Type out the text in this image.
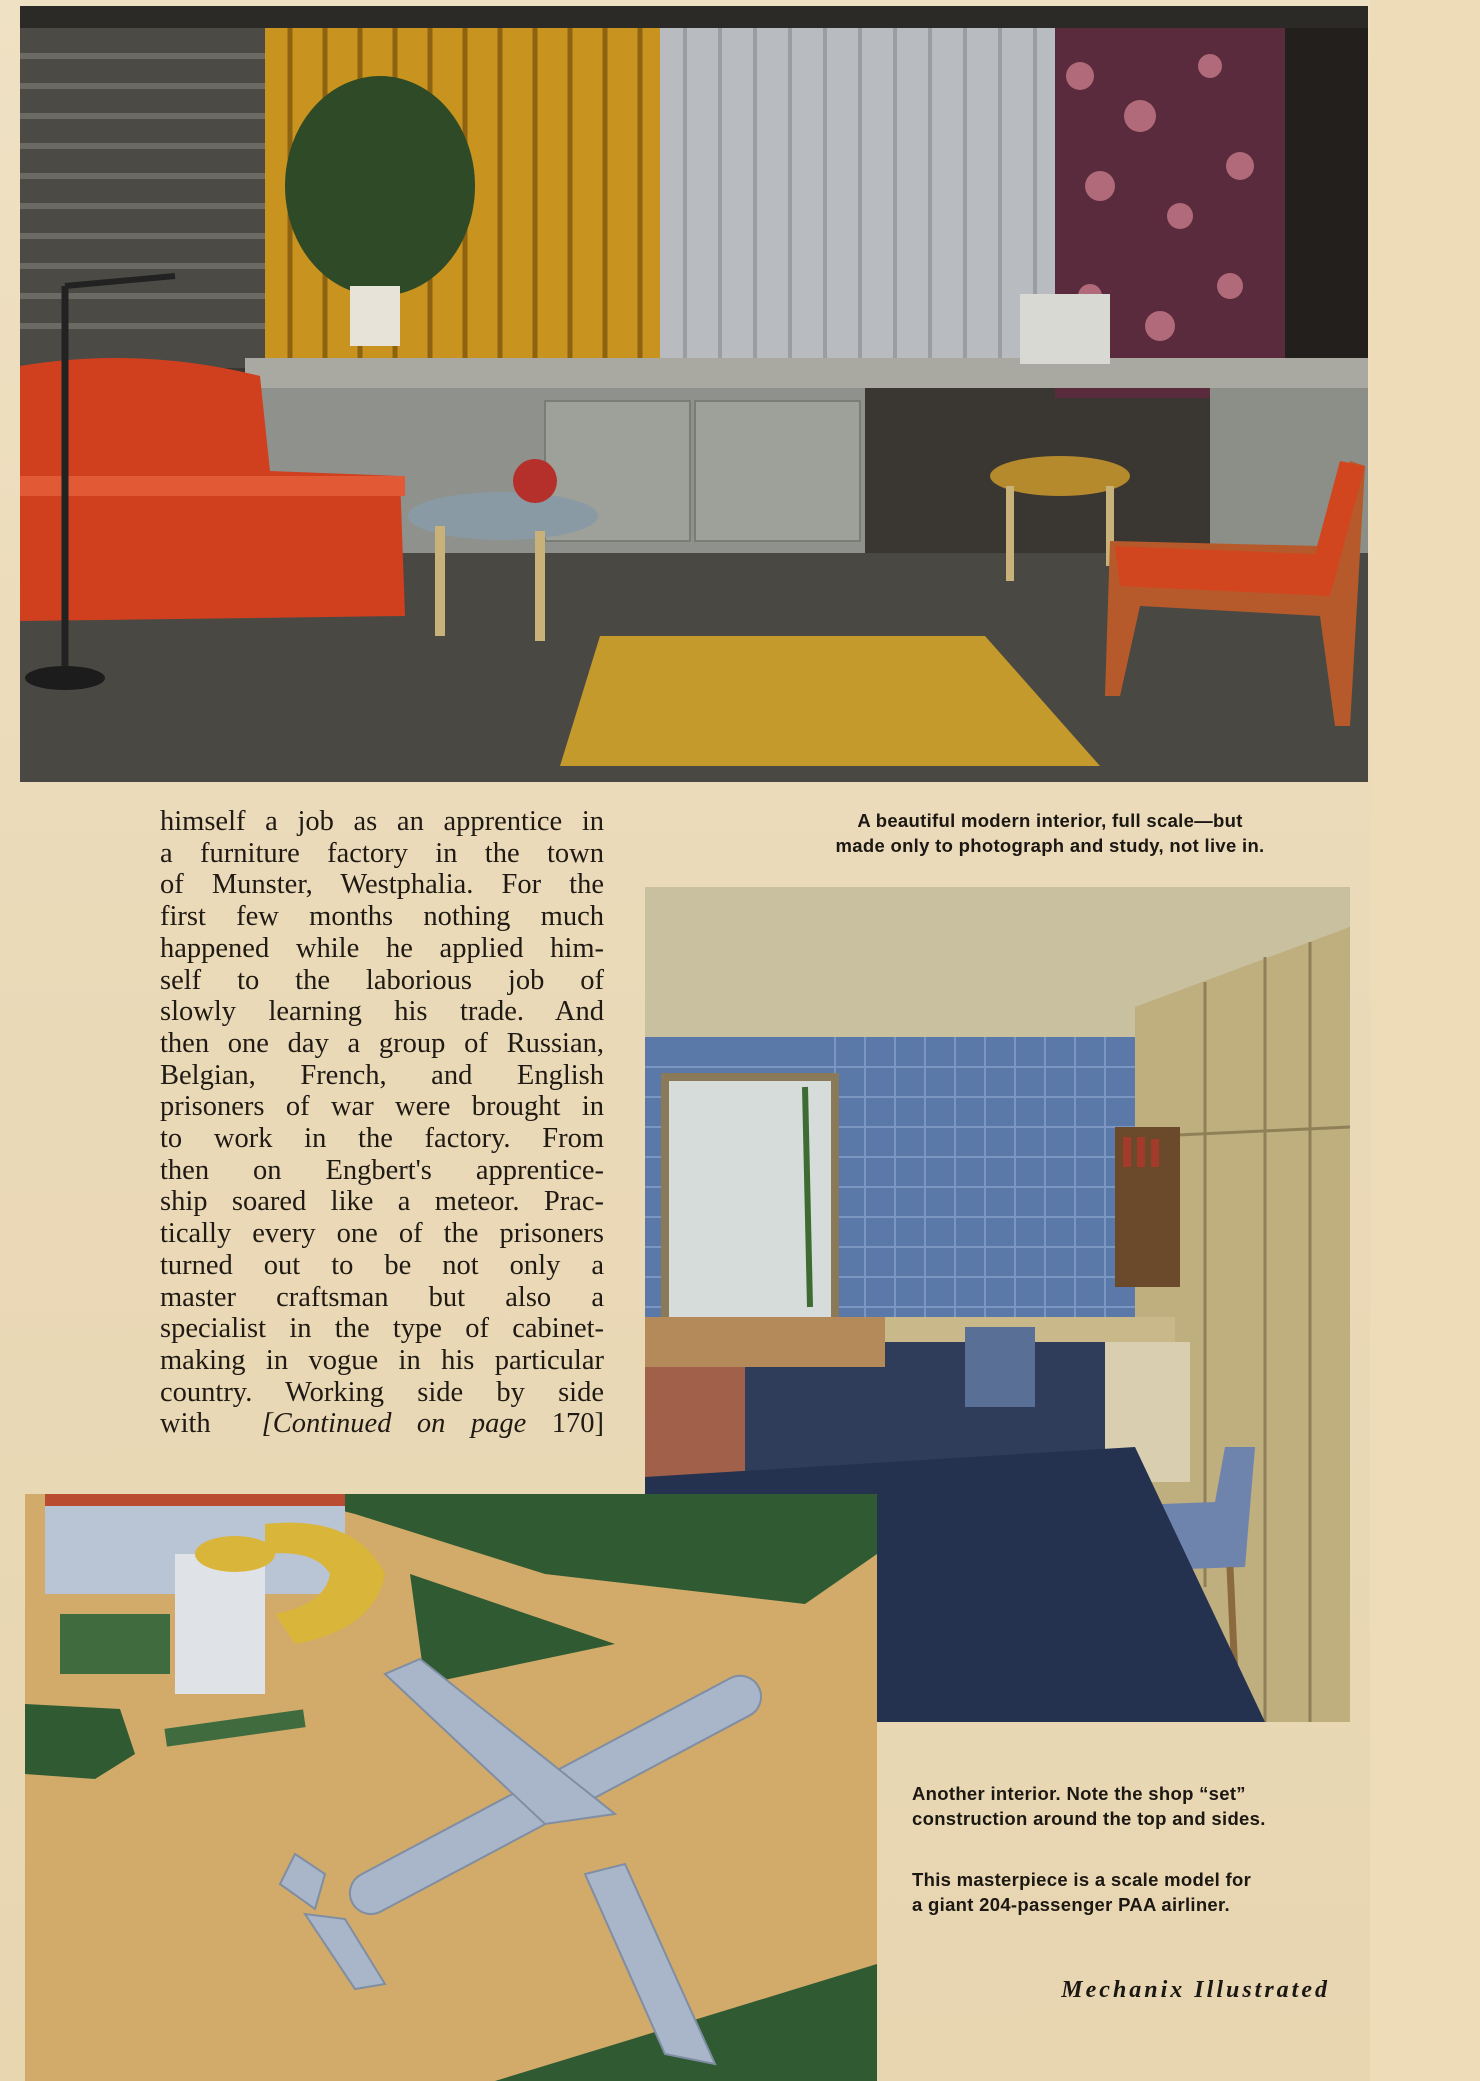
himself a job as an apprentice in
a furniture factory in the town
of Munster, Westphalia. For the
first few months nothing much
happened while he applied him-
self to the laborious job of
slowly learning his trade. And
then one day a group of Russian,
Belgian, French, and English
prisoners of war were brought in
to work in the factory. From
then on Engbert's apprentice-
ship soared like a meteor. Prac-
tically every one of the prisoners
turned out to be not only a
master craftsman but also a
specialist in the type of cabinet-
making in vogue in his particular
country. Working side by side
with [Continued on page 170]

A beautiful modern interior, full scale—but
made only to photograph and study, not live in.

Another interior. Note the shop “set”
construction around the top and sides.

This masterpiece is a scale model for
a giant 204-passenger PAA airliner.

Mechanix Illustrated
